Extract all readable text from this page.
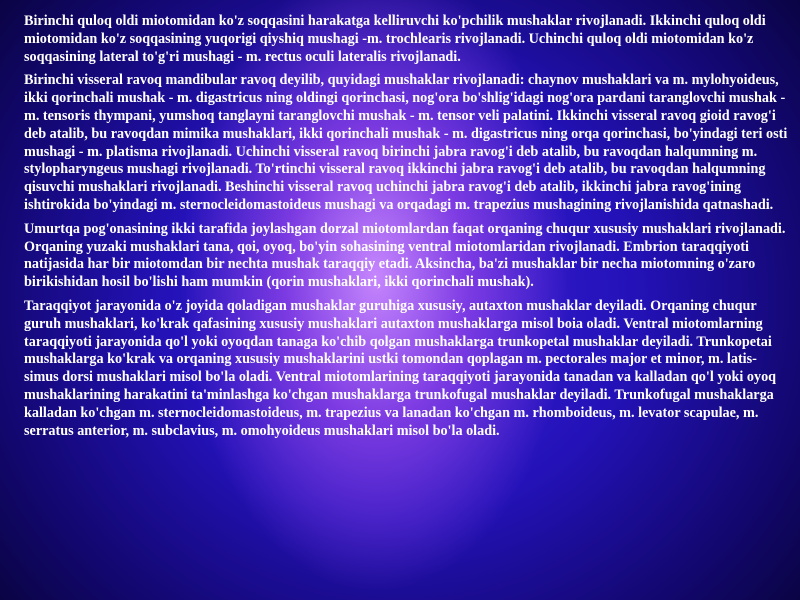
Birinchi quloq oldi miotomidan ko'z soqqasini harakatga kelliruvchi ko'pchilik mushaklar rivojlanadi. Ikkinchi quloq oldi miotomidan ko'z soqqasining yuqorigi qiyshiq mushagi -m. trochlearis rivojlanadi. Uchinchi quloq oldi miotomidan ko'z soqqasining lateral to'g'ri mushagi - m. rectus oculi lateralis rivojlanadi.

Birinchi visseral ravoq mandibular ravoq deyilib, quyidagi mushaklar rivojlanadi: chaynov mushaklari va m. mylohyoideus, ikki qorinchali mushak - m. digastricus ning oldingi qorinchasi, nog'ora bo'shlig'idagi nog'ora pardani taranglovchi mushak - m. tensoris thympani, yumshoq tanglayni taranglovchi mushak - m. tensor veli palatini. Ikkinchi visseral ravoq gioid ravog'i deb atalib, bu ravoqdan mimika mushaklari, ikki qorinchali mushak - m. digastricus ning orqa qorinchasi, bo'yindagi teri osti mushagi - m. platisma rivojlanadi. Uchinchi visseral ravoq birinchi jabra ravog'i deb atalib, bu ravoqdan halqumning m. stylopharyngeus mushagi rivojlanadi. To'rtinchi visseral ravoq ikkinchi jabra ravog'i deb atalib, bu ravoqdan halqumning qisuvchi mushaklari rivojlanadi. Beshinchi visseral ravoq uchinchi jabra ravog'i deb atalib, ikkinchi jabra ravog'ining ishtirokida bo'yindagi m. sternocleidomastoideus mushagi va orqadagi m. trapezius mushagining rivojlanishida qatnashadi.

Umurtqa pog'onasining ikki tarafida joylashgan dorzal miotomlardan faqat orqaning chuqur xususiy mushaklari rivojlanadi. Orqaning yuzaki mushaklari tana, qoi, oyoq, bo'yin sohasining ventral miotomlaridan rivojlanadi. Embrion taraqqiyoti natijasida har bir miotomdan bir nechta mushak taraqqiy etadi. Aksincha, ba'zi mushaklar bir necha miotomning o'zaro birikishidan hosil bo'lishi ham mumkin (qorin mushaklari, ikki qorinchali mushak).

Taraqqiyot jarayonida o'z joyida qoladigan mushaklar guruhiga xususiy, autaxton mushaklar deyiladi. Orqaning chuqur guruh mushaklari, ko'krak qafasining xususiy mushaklari autaxton mushaklarga misol boia oladi. Ventral miotomlarning taraqqiyoti jarayonida qo'l yoki oyoqdan tanaga ko'chib qolgan mushaklarga trunkopetal mushaklar deyiladi. Trunkopetai mushaklarga ko'krak va orqaning xususiy mushaklarini ustki tomondan qoplagan m. pectorales major et minor, m. latis-simus dorsi mushaklari misol bo'la oladi. Ventral miotomlarining taraqqiyoti jarayonida tanadan va kalladan qo'l yoki oyoq mushaklarining harakatini ta'minlashga ko'chgan mushaklarga trunkofugal mushaklar deyiladi. Trunkofugal mushaklarga kalladan ko'chgan m. sternocleidomastoideus, m. trapezius va lanadan ko'chgan m. rhomboideus, m. levator scapulae, m. serratus anterior, m. subclavius, m. omohyoideus mushaklari misol bo'la oladi.
